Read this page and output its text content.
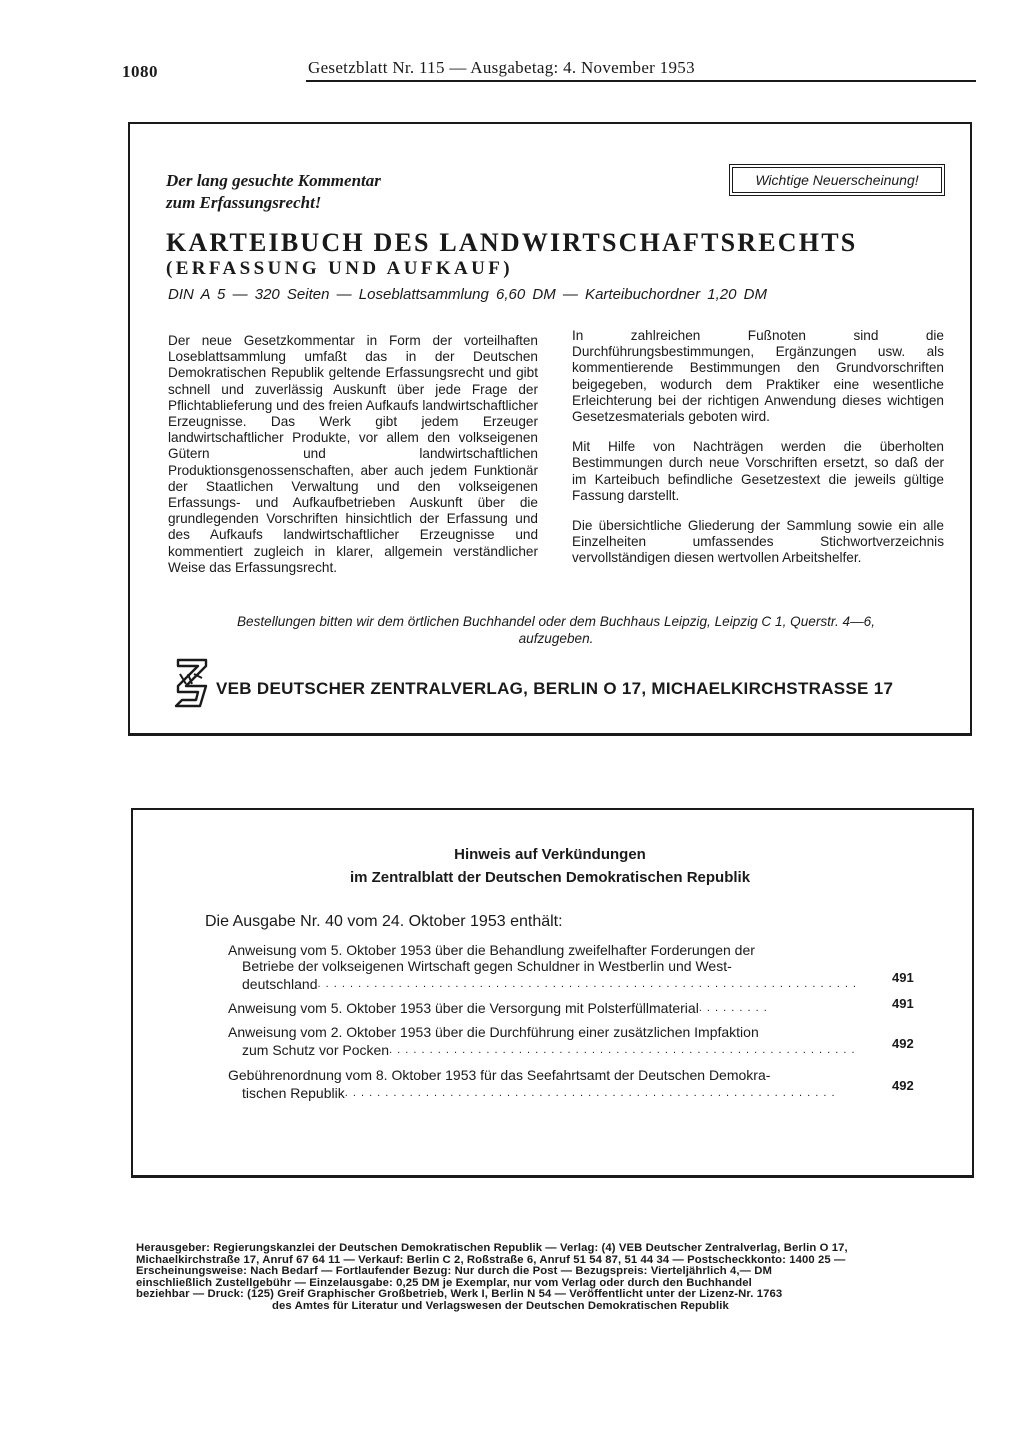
1080	Gesetzblatt Nr. 115 — Ausgabetag: 4. November 1953
Der lang gesuchte Kommentar
zum Erfassungsrecht!
Wichtige Neuerscheinung!
KARTEIBUCH DES LANDWIRTSCHAFTSRECHTS
(ERFASSUNG UND AUFKAUF)
DIN A 5 — 320 Seiten — Loseblattsammlung 6,60 DM — Karteibuchordner 1,20 DM

Der neue Gesetzkommentar in Form der vorteilhaften Loseblattsammlung umfaßt das in der Deutschen Demokratischen Republik geltende Erfassungsrecht und gibt schnell und zuverlässig Auskunft über jede Frage der Pflichtablieferung und des freien Aufkaufs landwirtschaftlicher Erzeugnisse. Das Werk gibt jedem Erzeuger landwirtschaftlicher Produkte, vor allem den volkseigenen Gütern und landwirtschaftlichen Produktionsgenossenschaften, aber auch jedem Funktionär der Staatlichen Verwaltung und den volkseigenen Erfassungs- und Aufkaufbetrieben Auskunft über die grundlegenden Vorschriften hinsichtlich der Erfassung und des Aufkaufs landwirtschaftlicher Erzeugnisse und kommentiert zugleich in klarer, allgemein verständlicher Weise das Erfassungsrecht.

In zahlreichen Fußnoten sind die Durchführungsbestimmungen, Ergänzungen usw. als kommentierende Bestimmungen den Grundvorschriften beigegeben, wodurch dem Praktiker eine wesentliche Erleichterung bei der richtigen Anwendung dieses wichtigen Gesetzesmaterials geboten wird.

Mit Hilfe von Nachträgen werden die überholten Bestimmungen durch neue Vorschriften ersetzt, so daß der im Karteibuch befindliche Gesetzestext die jeweils gültige Fassung darstellt.

Die übersichtliche Gliederung der Sammlung sowie ein alle Einzelheiten umfassendes Stichwortverzeichnis vervollständigen diesen wertvollen Arbeitshelfer.

Bestellungen bitten wir dem örtlichen Buchhandel oder dem Buchhaus Leipzig, Leipzig C 1, Querstr. 4—6,
aufzugeben.
VEB DEUTSCHER ZENTRALVERLAG, BERLIN O 17, MICHAELKIRCHSTRASSE 17
Hinweis auf Verkündungen
im Zentralblatt der Deutschen Demokratischen Republik
Die Ausgabe Nr. 40 vom 24. Oktober 1953 enthält:
Anweisung vom 5. Oktober 1953 über die Behandlung zweifelhafter Forderungen der
Betriebe der volkseigenen Wirtschaft gegen Schuldner in Westberlin und West-
deutschland . . .	491
Anweisung vom 5. Oktober 1953 über die Versorgung mit Polsterfüllmaterial . . .	491
Anweisung vom 2. Oktober 1953 über die Durchführung einer zusätzlichen Impfaktion
zum Schutz vor Pocken . . .	492
Gebührenordnung vom 8. Oktober 1953 für das Seefahrtsamt der Deutschen Demokra-
tischen Republik . . .	492
Herausgeber: Regierungskanzlei der Deutschen Demokratischen Republik — Verlag: (4) VEB Deutscher Zentralverlag, Berlin O 17,
Michaelkirchstraße 17, Anruf 67 64 11 — Verkauf: Berlin C 2, Roßstraße 6, Anruf 51 54 87, 51 44 34 — Postscheckkonto: 1400 25 —
Erscheinungsweise: Nach Bedarf — Fortlaufender Bezug: Nur durch die Post — Bezugspreis: Vierteljährlich 4,— DM
einschließlich Zustellgebühr — Einzelausgabe: 0,25 DM je Exemplar, nur vom Verlag oder durch den Buchhandel
beziehbar — Druck: (125) Greif Graphischer Großbetrieb, Werk I, Berlin N 54 — Veröffentlicht unter der Lizenz-Nr. 1763
des Amtes für Literatur und Verlagswesen der Deutschen Demokratischen Republik
